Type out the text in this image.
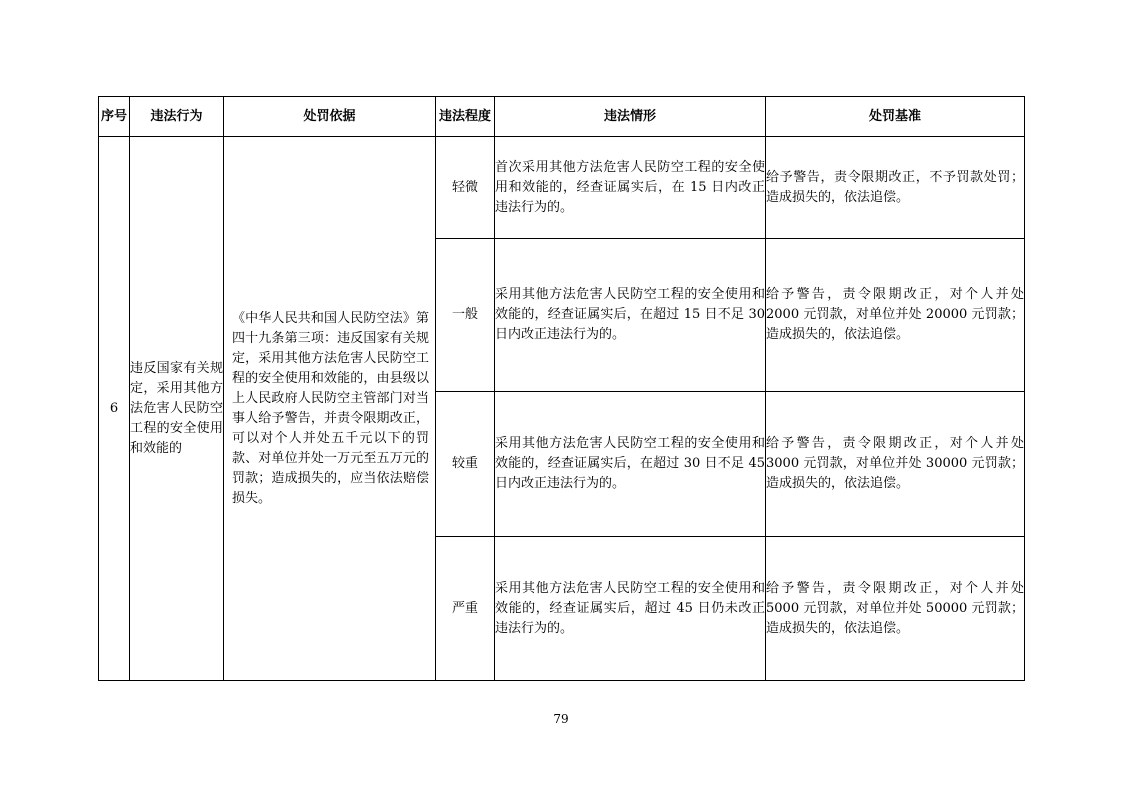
序号	违法行为	处罚依据	违法程度	违法情形	处罚基准
6	违反国家有关规定，采用其他方法危害人民防空工程的安全使用和效能的	《中华人民共和国人民防空法》第四十九条第三项：违反国家有关规定，采用其他方法危害人民防空工程的安全使用和效能的，由县级以上人民政府人民防空主管部门对当事人给予警告，并责令限期改正，可以对个人并处五千元以下的罚款、对单位并处一万元至五万元的罚款；造成损失的，应当依法赔偿损失。	轻微	首次采用其他方法危害人民防空工程的安全使用和效能的，经查证属实后，在 15 日内改正违法行为的。	给予警告，责令限期改正，不予罚款处罚；造成损失的，依法追偿。
			一般	采用其他方法危害人民防空工程的安全使用和效能的，经查证属实后，在超过 15 日不足 30 日内改正违法行为的。	给予警告，责令限期改正，对个人并处 2000 元罚款，对单位并处 20000 元罚款；造成损失的，依法追偿。
			较重	采用其他方法危害人民防空工程的安全使用和效能的，经查证属实后，在超过 30 日不足 45 日内改正违法行为的。	给予警告，责令限期改正，对个人并处 3000 元罚款，对单位并处 30000 元罚款；造成损失的，依法追偿。
			严重	采用其他方法危害人民防空工程的安全使用和效能的，经查证属实后，超过 45 日仍未改正违法行为的。	给予警告，责令限期改正，对个人并处 5000 元罚款，对单位并处 50000 元罚款；造成损失的，依法追偿。
79
